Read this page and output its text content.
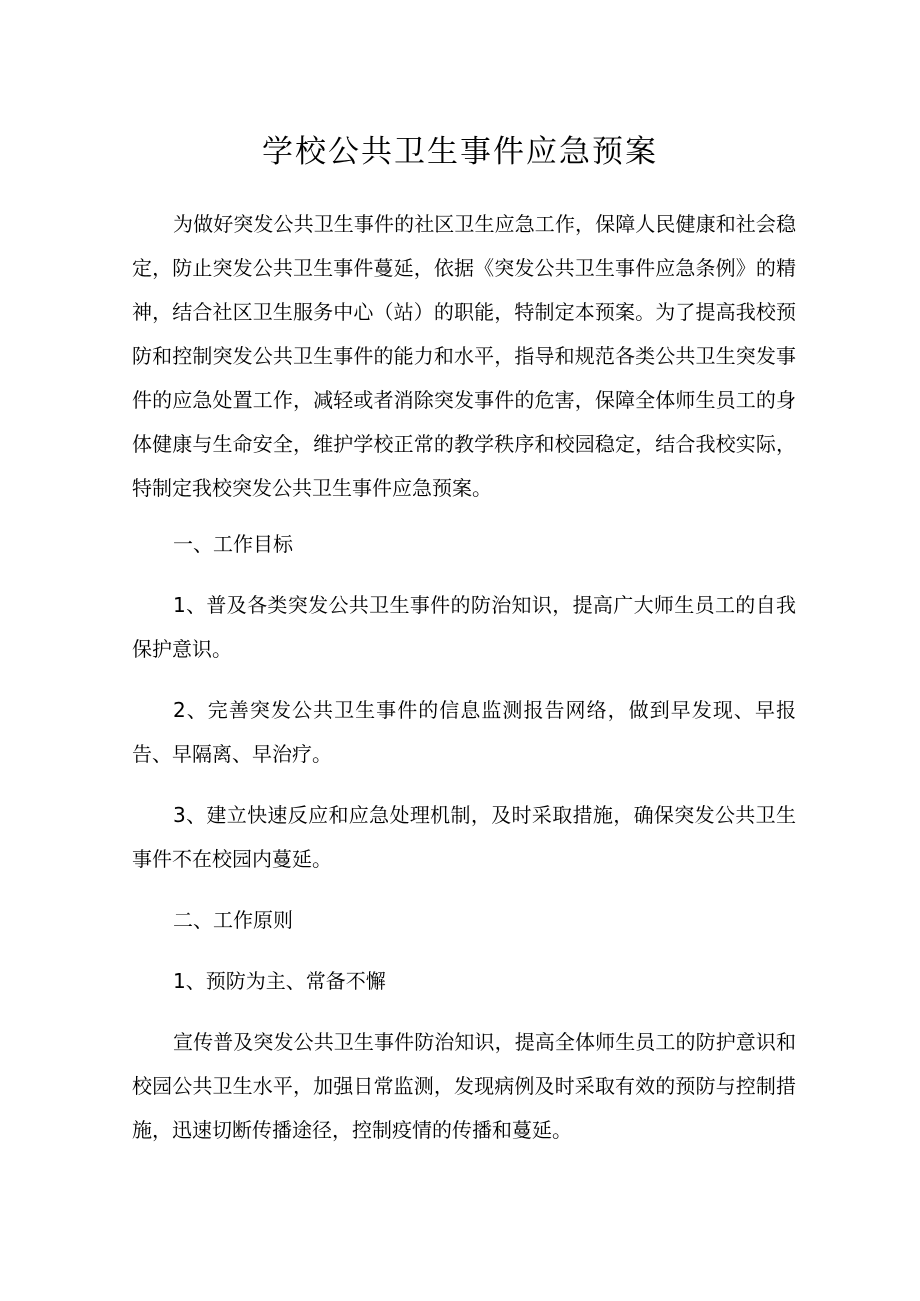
学校公共卫生事件应急预案

为做好突发公共卫生事件的社区卫生应急工作，保障人民健康和社会稳定，防止突发公共卫生事件蔓延，依据《突发公共卫生事件应急条例》的精神，结合社区卫生服务中心（站）的职能，特制定本预案。为了提高我校预防和控制突发公共卫生事件的能力和水平，指导和规范各类公共卫生突发事件的应急处置工作，减轻或者消除突发事件的危害，保障全体师生员工的身体健康与生命安全，维护学校正常的教学秩序和校园稳定，结合我校实际，特制定我校突发公共卫生事件应急预案。

一、工作目标

1、普及各类突发公共卫生事件的防治知识，提高广大师生员工的自我保护意识。

2、完善突发公共卫生事件的信息监测报告网络，做到早发现、早报告、早隔离、早治疗。

3、建立快速反应和应急处理机制，及时采取措施，确保突发公共卫生事件不在校园内蔓延。

二、工作原则

1、预防为主、常备不懈

宣传普及突发公共卫生事件防治知识，提高全体师生员工的防护意识和校园公共卫生水平，加强日常监测，发现病例及时采取有效的预防与控制措施，迅速切断传播途径，控制疫情的传播和蔓延。
